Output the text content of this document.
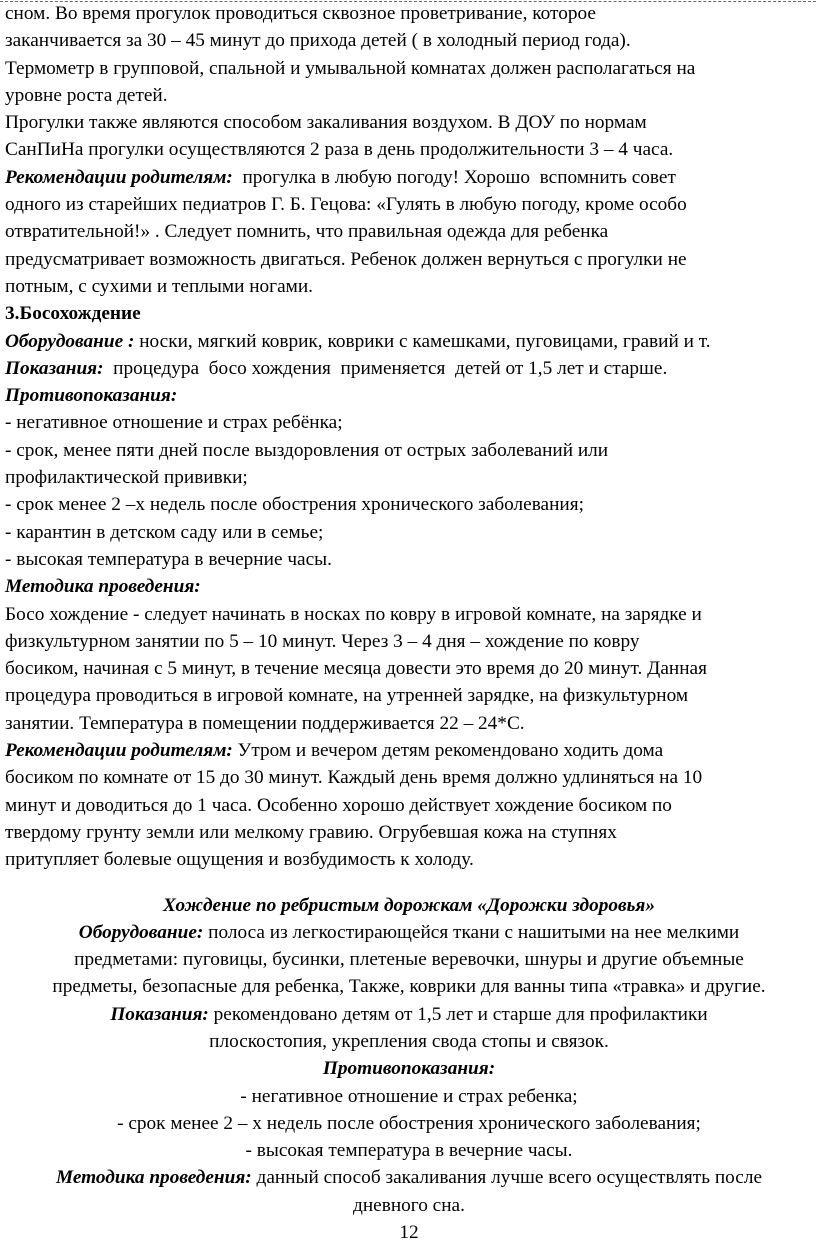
сном. Во время прогулок проводиться сквозное проветривание, которое
заканчивается за 30 – 45 минут до прихода детей ( в холодный период года).
Термометр в групповой, спальной и умывальной комнатах должен располагаться на
уровне роста детей.

Прогулки также являются способом закаливания воздухом. В ДОУ по нормам
СанПиНа прогулки осуществляются 2 раза в день продолжительности 3 – 4 часа.

Рекомендации родителям:  прогулка в любую погоду! Хорошо  вспомнить совет
одного из старейших педиатров Г. Б. Гецова: «Гулять в любую погоду, кроме особо
отвратительной!» . Следует помнить, что правильная одежда для ребенка
предусматривает возможность двигаться. Ребенок должен вернуться с прогулки не
потным, с сухими и теплыми ногами.

3.Босохождение

Оборудование : носки, мягкий коврик, коврики с камешками, пуговицами, гравий и т.

Показания:  процедура  босо хождения  применяется  детей от 1,5 лет и старше.

Противопоказания:
- негативное отношение и страх ребёнка;
- срок, менее пяти дней после выздоровления от острых заболеваний или
профилактической прививки;
- срок менее 2 –х недель после обострения хронического заболевания;
- карантин в детском саду или в семье;
- высокая температура в вечерние часы.

Методика проведения:
Босо хождение - следует начинать в носках по ковру в игровой комнате, на зарядке и
физкультурном занятии по 5 – 10 минут. Через 3 – 4 дня – хождение по ковру
босиком, начиная с 5 минут, в течение месяца довести это время до 20 минут. Данная
процедура проводиться в игровой комнате, на утренней зарядке, на физкультурном
занятии. Температура в помещении поддерживается 22 – 24*С.

Рекомендации родителям: Утром и вечером детям рекомендовано ходить дома
босиком по комнате от 15 до 30 минут. Каждый день время должно удлиняться на 10
минут и доводиться до 1 часа. Особенно хорошо действует хождение босиком по
твердому грунту земли или мелкому гравию. Огрубевшая кожа на ступнях
притупляет болевые ощущения и возбудимость к холоду.

Хождение по ребристым дорожкам «Дорожки здоровья»

Оборудование: полоса из легкостирающейся ткани с нашитыми на нее мелкими
предметами: пуговицы, бусинки, плетеные веревочки, шнуры и другие объемные
предметы, безопасные для ребенка, Также, коврики для ванны типа «травка» и другие.

Показания: рекомендовано детям от 1,5 лет и старше для профилактики
плоскостопия, укрепления свода стопы и связок.

Противопоказания:
- негативное отношение и страх ребенка;
- срок менее 2 – х недель после обострения хронического заболевания;
- высокая температура в вечерние часы.

Методика проведения: данный способ закаливания лучше всего осуществлять после
дневного сна.

12
